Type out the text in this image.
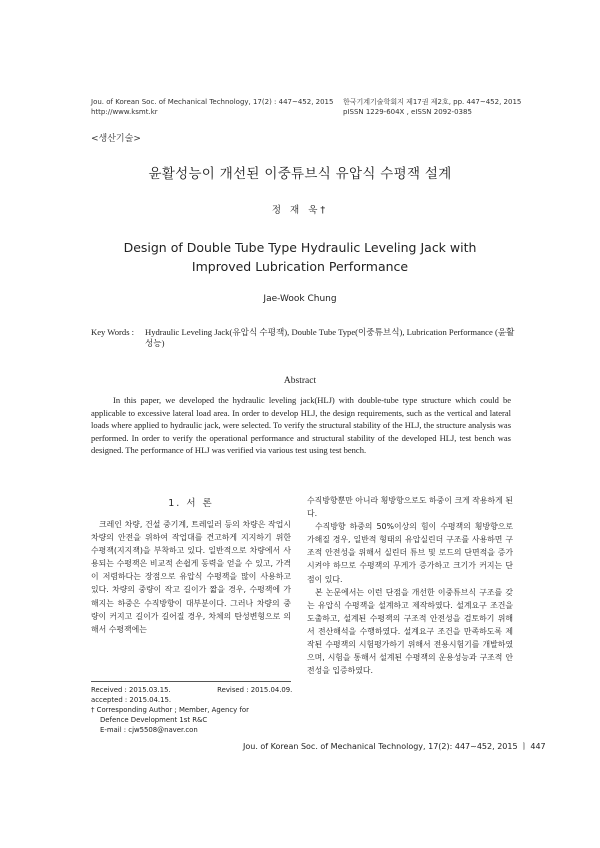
Jou. of Korean Soc. of Mechanical Technology, 17(2) : 447~452, 2015
http://www.ksmt.kr
한국기계기술학회지 제17권 제2호, pp. 447~452, 2015
pISSN 1229-604X , eISSN 2092-0385
<생산기술>
윤활성능이 개선된 이중튜브식 유압식 수평잭 설계
정 재 욱†
Design of Double Tube Type Hydraulic Leveling Jack with
Improved Lubrication Performance
Jae-Wook Chung
Key Words : Hydraulic Leveling Jack(유압식 수평잭), Double Tube Type(이중튜브식), Lubrication Performance (윤활성능)
Abstract

In this paper, we developed the hydraulic leveling jack(HLJ) with double-tube type structure which could be applicable to excessive lateral load area. In order to develop HLJ, the design requirements, such as the vertical and lateral loads where applied to hydraulic jack, were selected. To verify the structural stability of the HLJ, the structure analysis was performed. In order to verify the operational performance and structural stability of the developed HLJ, test bench was designed. The performance of HLJ was verified via various test using test bench.

1. 서 론

크레인 차량, 건설 중기계, 트레일러 등의 차량은 작업시 차량의 안전을 위하여 작업대를 견고하게 지지하기 위한 수평잭(지지잭)을 부착하고 있다. 일반적으로 차량에서 사용되는 수평잭은 비교적 손쉽게 동력을 얻을 수 있고, 가격이 저렴하다는 장점으로 유압식 수평잭을 많이 사용하고 있다. 차량의 중량이 작고 길이가 짧을 경우, 수평잭에 가해지는 하중은 수직방향이 대부분이다. 그러나 차량의 중량이 커지고 길이가 길어질 경우, 차체의 탄성변형으로 의해서 수평잭에는

수직방향뿐만 아니라 횡방향으로도 하중이 크게 작용하게 된다.

수직방향 하중의 50%이상의 힘이 수평잭의 횡방향으로 가해질 경우, 일반적 형태의 유압실린더 구조를 사용하면 구조적 안전성을 위해서 실린더 튜브 및 로드의 단면적을 증가시켜야 하므로 수평잭의 무게가 증가하고 크기가 커지는 단점이 있다.

본 논문에서는 이런 단점을 개선한 이중튜브식 구조를 갖는 유압식 수평잭을 설계하고 제작하였다. 설계요구 조건을 도출하고, 설계된 수평잭의 구조적 안전성을 검토하기 위해서 전산해석을 수행하였다. 설계요구 조건을 만족하도록 제작된 수평잭의 시험평가하기 위해서 전용시험기를 개발하였으며, 시험을 통해서 설계된 수평잭의 운용성능과 구조적 안전성을 입증하였다.

Received : 2015.03.15.	Revised : 2015.04.09.
accepted : 2015.04.15.
† Corresponding Author ; Member, Agency for
Defence Development 1st R&C
E-mail : cjw5508@naver.con
Jou. of Korean Soc. of Mechanical Technology, 17(2): 447~452, 2015 ㅣ 447
